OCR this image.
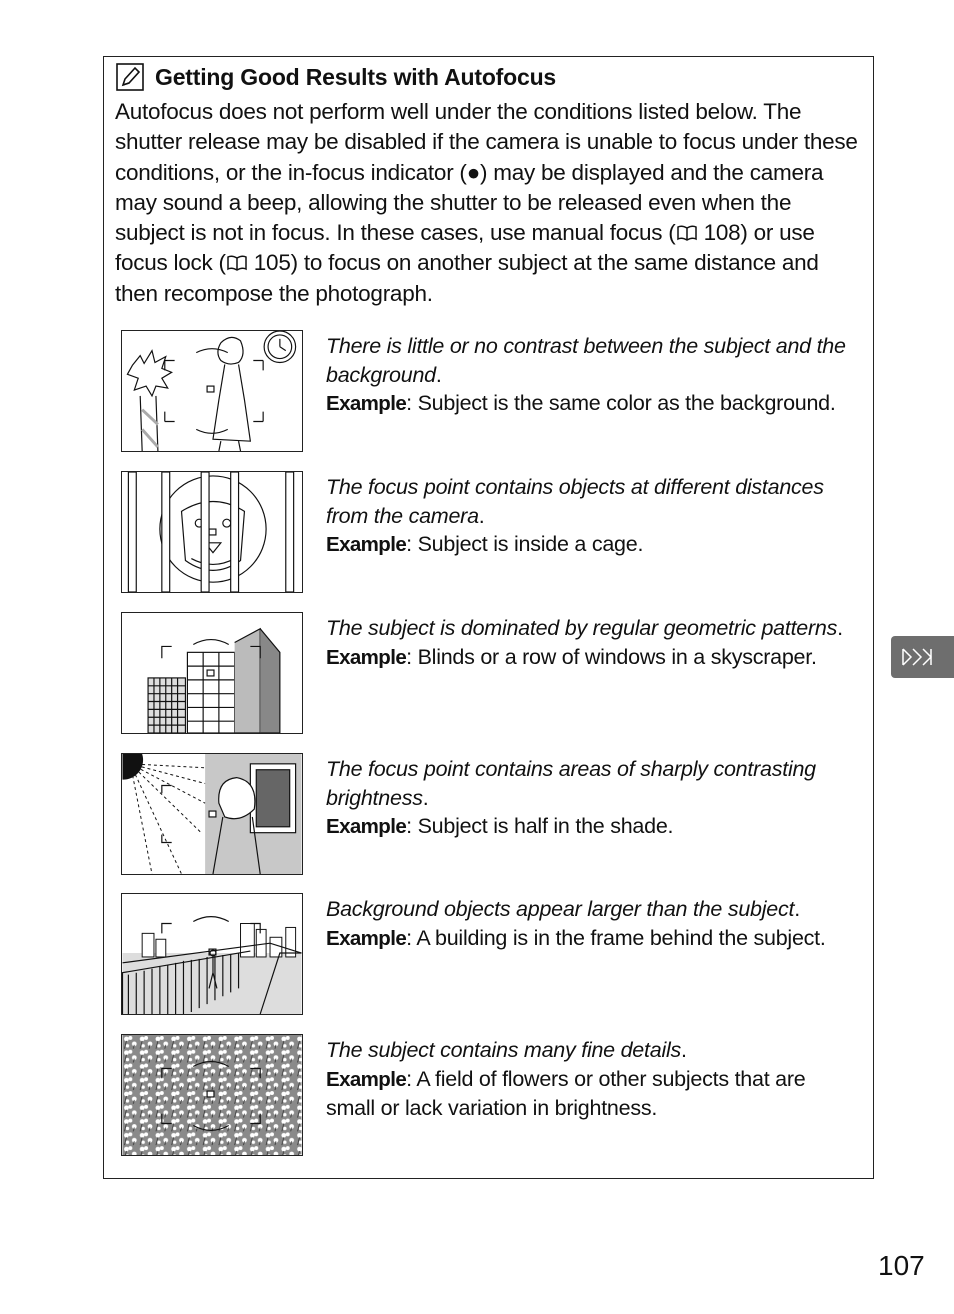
Getting Good Results with Autofocus

Autofocus does not perform well under the conditions listed below. The shutter release may be disabled if the camera is unable to focus under these conditions, or the in-focus indicator (●) may be displayed and the camera may sound a beep, allowing the shutter to be released even when the subject is not in focus. In these cases, use manual focus ( 108) or use focus lock ( 105) to focus on another subject at the same distance and then recompose the photograph.

There is little or no contrast between the subject and the background.
Example: Subject is the same color as the background.
The focus point contains objects at different distances from the camera.
Example: Subject is inside a cage.
The subject is dominated by regular geometric patterns.
Example: Blinds or a row of windows in a skyscraper.
The focus point contains areas of sharply contrasting brightness.
Example: Subject is half in the shade.
Background objects appear larger than the subject.
Example: A building is in the frame behind the subject.
The subject contains many fine details.
Example: A field of flowers or other subjects that are small or lack variation in brightness.
107
